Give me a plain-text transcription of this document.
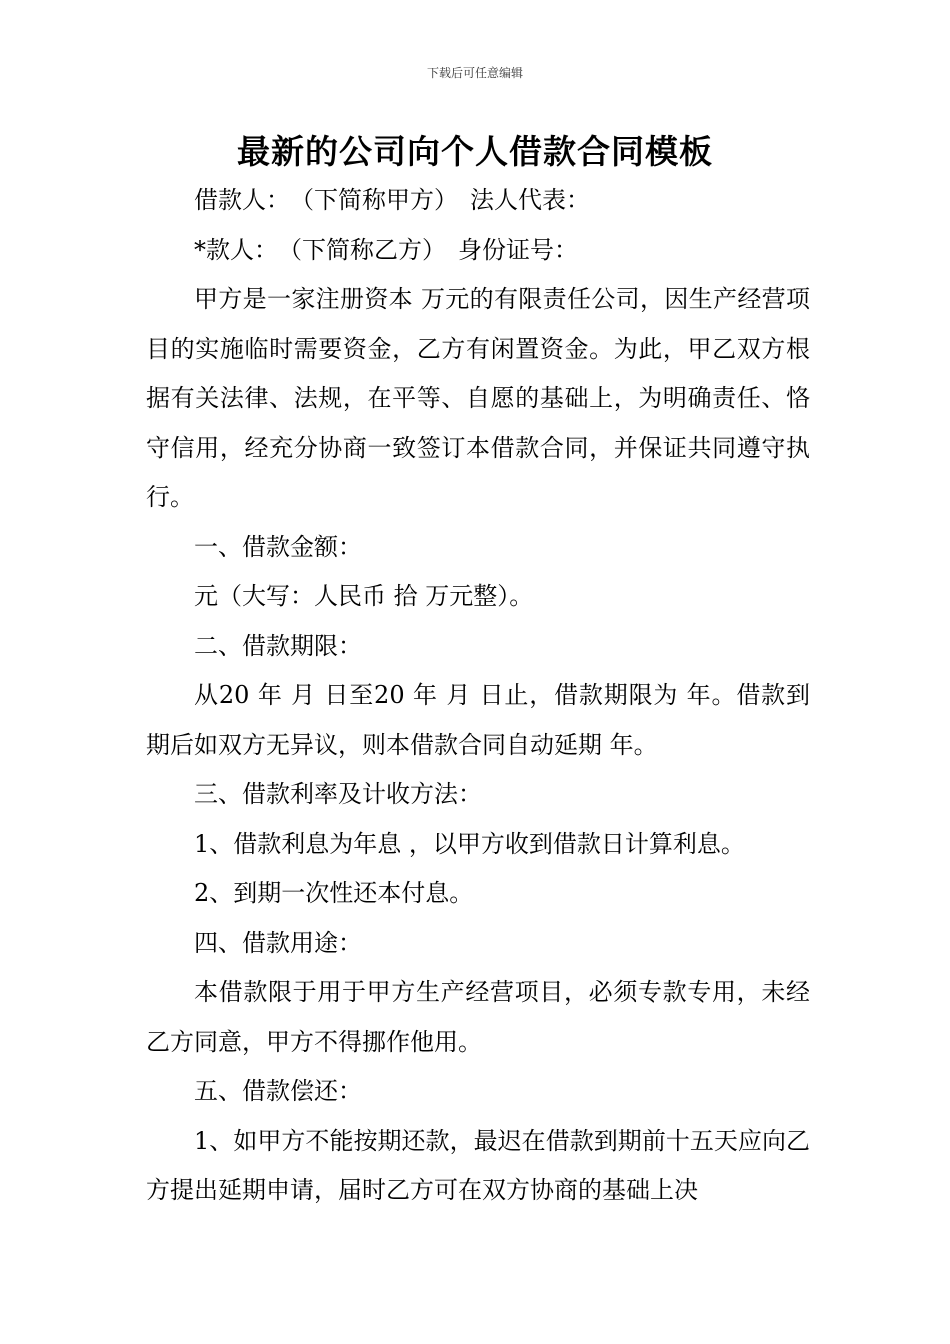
下载后可任意编辑
最新的公司向个人借款合同模板

借款人：　（下简称甲方）　法人代表：

*款人：　（下简称乙方）　身份证号：

甲方是一家注册资本 万元的有限责任公司，因生产经营项目的实施临时需要资金，乙方有闲置资金。为此，甲乙双方根据有关法律、法规，在平等、自愿的基础上，为明确责任、恪守信用，经充分协商一致签订本借款合同，并保证共同遵守执行。

一、借款金额：

元（大写：人民币 拾 万元整）。

二、借款期限：

从20 年 月 日至20 年 月 日止，借款期限为 年。借款到期后如双方无异议，则本借款合同自动延期 年。

三、借款利率及计收方法：

1、借款利息为年息 ，以甲方收到借款日计算利息。

2、到期一次性还本付息。

四、借款用途：

本借款限于用于甲方生产经营项目，必须专款专用，未经乙方同意，甲方不得挪作他用。

五、借款偿还：

1、如甲方不能按期还款，最迟在借款到期前十五天应向乙方提出延期申请，届时乙方可在双方协商的基础上决
